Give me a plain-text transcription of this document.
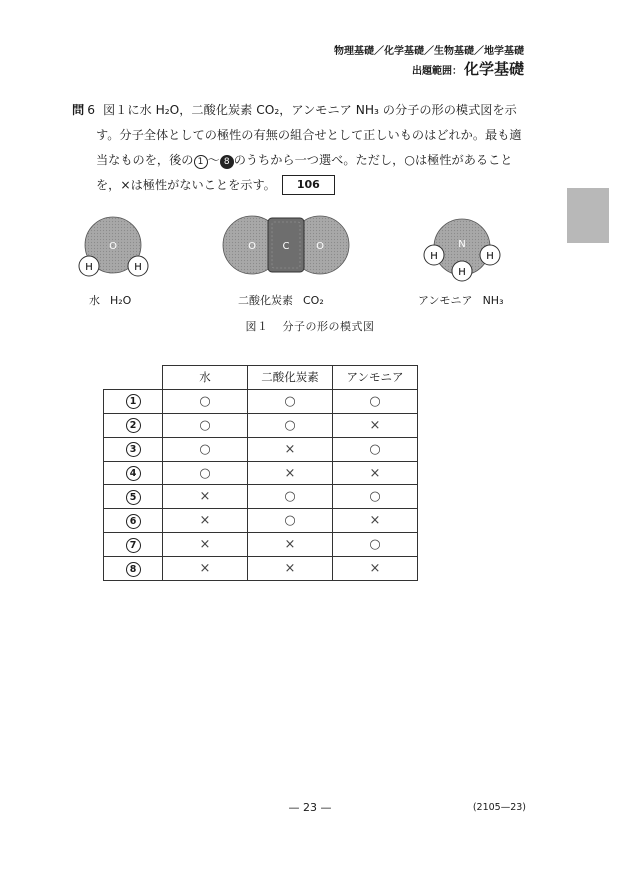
物理基礎／化学基礎／生物基礎／地学基礎
出題範囲： 化学基礎
問 6 図１に水 H₂O，二酸化炭素 CO₂，アンモニア NH₃ の分子の形の模式図を示
す。分子全体としての極性の有無の組合せとして正しいものはどれか。最も適
当なものを，後の 1 ～ 8 のうちから一つ選べ。ただし，○は極性があること
を，×は極性がないことを示す。 106
O
H	H
O	C	O	N
H	H
H
水 H₂O	二酸化炭素 CO₂	アンモニア NH₃
図１ 分子の形の模式図
	水	二酸化炭素	アンモニア
1	○	○	○
2	○	○	×
3	○	×	○
4	○	×	×
5	×	○	○
6	×	○	×
7	×	×	○
8	×	×	×
— 23 —	(2105—23)
